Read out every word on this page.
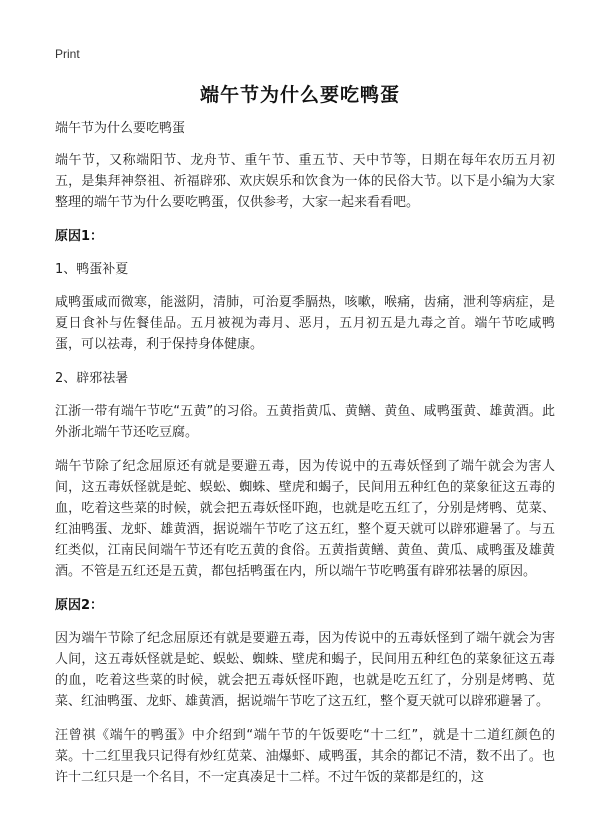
Print
端午节为什么要吃鸭蛋

端午节为什么要吃鸭蛋

端午节，又称端阳节、龙舟节、重午节、重五节、天中节等，日期在每年农历五月初五，是集拜神祭祖、祈福辟邪、欢庆娱乐和饮食为一体的民俗大节。以下是小编为大家整理的端午节为什么要吃鸭蛋，仅供参考，大家一起来看看吧。

原因1：

1、鸭蛋补夏

咸鸭蛋咸而微寒，能滋阴，清肺，可治夏季膈热，咳嗽，喉痛，齿痛，泄利等病症，是夏日食补与佐餐佳品。五月被视为毒月、恶月，五月初五是九毒之首。端午节吃咸鸭蛋，可以祛毒，利于保持身体健康。

2、辟邪祛暑

江浙一带有端午节吃“五黄”的习俗。五黄指黄瓜、黄鳝、黄鱼、咸鸭蛋黄、雄黄酒。此外浙北端午节还吃豆腐。

端午节除了纪念屈原还有就是要避五毒，因为传说中的五毒妖怪到了端午就会为害人间，这五毒妖怪就是蛇、蜈蚣、蜘蛛、壁虎和蝎子，民间用五种红色的菜象征这五毒的血，吃着这些菜的时候，就会把五毒妖怪吓跑，也就是吃五红了，分别是烤鸭、苋菜、红油鸭蛋、龙虾、雄黄酒，据说端午节吃了这五红，整个夏天就可以辟邪避暑了。与五红类似，江南民间端午节还有吃五黄的食俗。五黄指黄鳝、黄鱼、黄瓜、咸鸭蛋及雄黄酒。不管是五红还是五黄，都包括鸭蛋在内，所以端午节吃鸭蛋有辟邪祛暑的原因。

原因2：

因为端午节除了纪念屈原还有就是要避五毒，因为传说中的五毒妖怪到了端午就会为害人间，这五毒妖怪就是蛇、蜈蚣、蜘蛛、壁虎和蝎子，民间用五种红色的菜象征这五毒的血，吃着这些菜的时候，就会把五毒妖怪吓跑，也就是吃五红了，分别是烤鸭、苋菜、红油鸭蛋、龙虾、雄黄酒，据说端午节吃了这五红，整个夏天就可以辟邪避暑了。

汪曾祺《端午的鸭蛋》中介绍到“端午节的午饭要吃“十二红”，就是十二道红颜色的菜。十二红里我只记得有炒红苋菜、油爆虾、咸鸭蛋，其余的都记不清，数不出了。也许十二红只是一个名目，不一定真凑足十二样。不过午饭的菜都是红的，这
